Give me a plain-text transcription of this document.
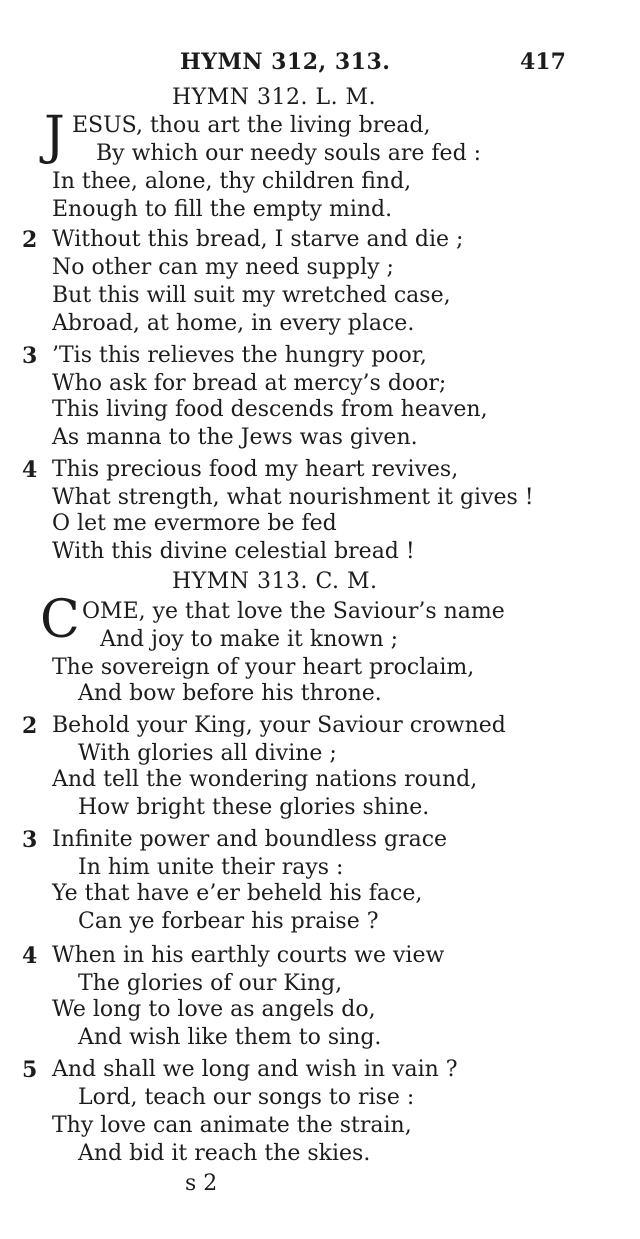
HYMN 312, 313.	417
HYMN 312. L. M.
J ESUS, thou art the living bread,
By which our needy souls are fed :
In thee, alone, thy children find,
Enough to fill the empty mind.
2 Without this bread, I starve and die ;
No other can my need supply ;
But this will suit my wretched case,
Abroad, at home, in every place.
3 ’Tis this relieves the hungry poor,
Who ask for bread at mercy’s door;
This living food descends from heaven,
As manna to the Jews was given.
4 This precious food my heart revives,
What strength, what nourishment it gives !
O let me evermore be fed
With this divine celestial bread !
HYMN 313. C. M.
C OME, ye that love the Saviour’s name
And joy to make it known ;
The sovereign of your heart proclaim,
And bow before his throne.
2 Behold your King, your Saviour crowned
With glories all divine ;
And tell the wondering nations round,
How bright these glories shine.
3 Infinite power and boundless grace
In him unite their rays :
Ye that have e’er beheld his face,
Can ye forbear his praise ?
4 When in his earthly courts we view
The glories of our King,
We long to love as angels do,
And wish like them to sing.
5 And shall we long and wish in vain ?
Lord, teach our songs to rise :
Thy love can animate the strain,
And bid it reach the skies.
s 2
